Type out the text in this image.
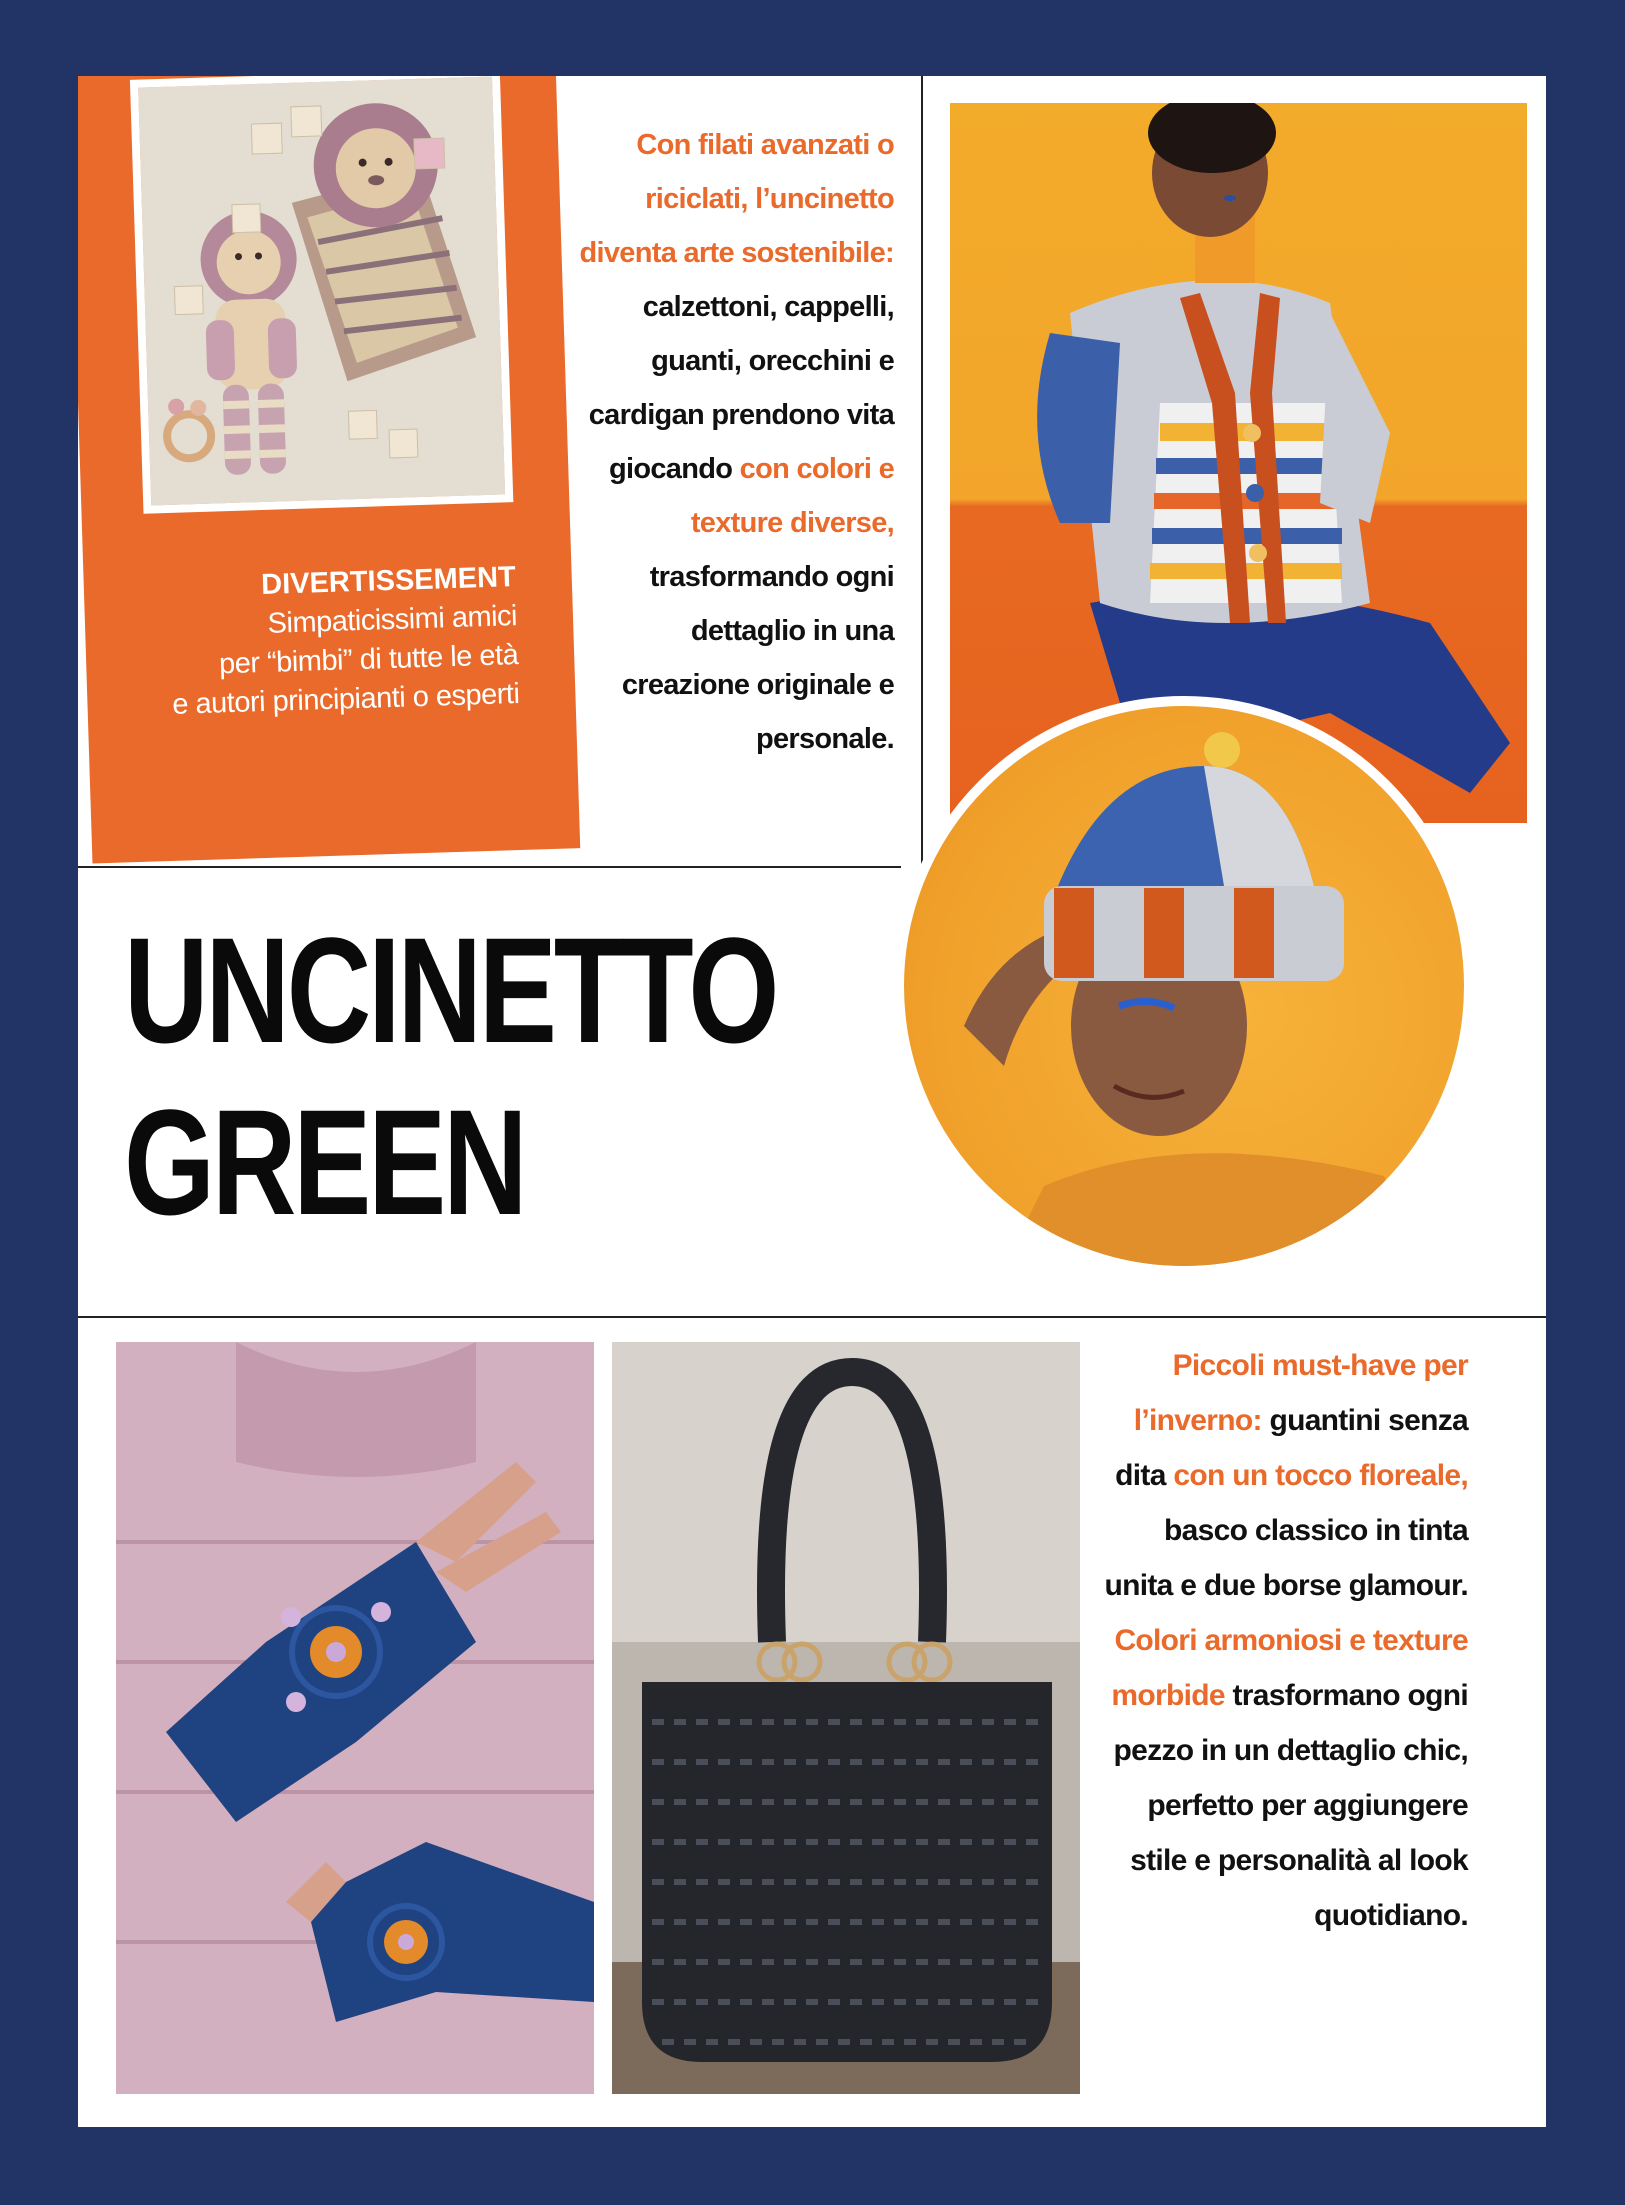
DIVERTISSEMENT
Simpaticissimi amici
per “bimbi” di tutte le età
e autori principianti o esperti
Con filati avanzati o riciclati, l’uncinetto diventa arte sostenibile: calzettoni, cappelli, guanti, orecchini e cardigan prendono vita giocando con colori e texture diverse, trasformando ogni dettaglio in una creazione originale e personale.
UNCINETTO
GREEN
Piccoli must-have per l’inverno: guantini senza dita con un tocco floreale, basco classico in tinta unita e due borse glamour. Colori armoniosi e texture morbide trasformano ogni pezzo in un dettaglio chic, perfetto per aggiungere stile e personalità al look quotidiano.
